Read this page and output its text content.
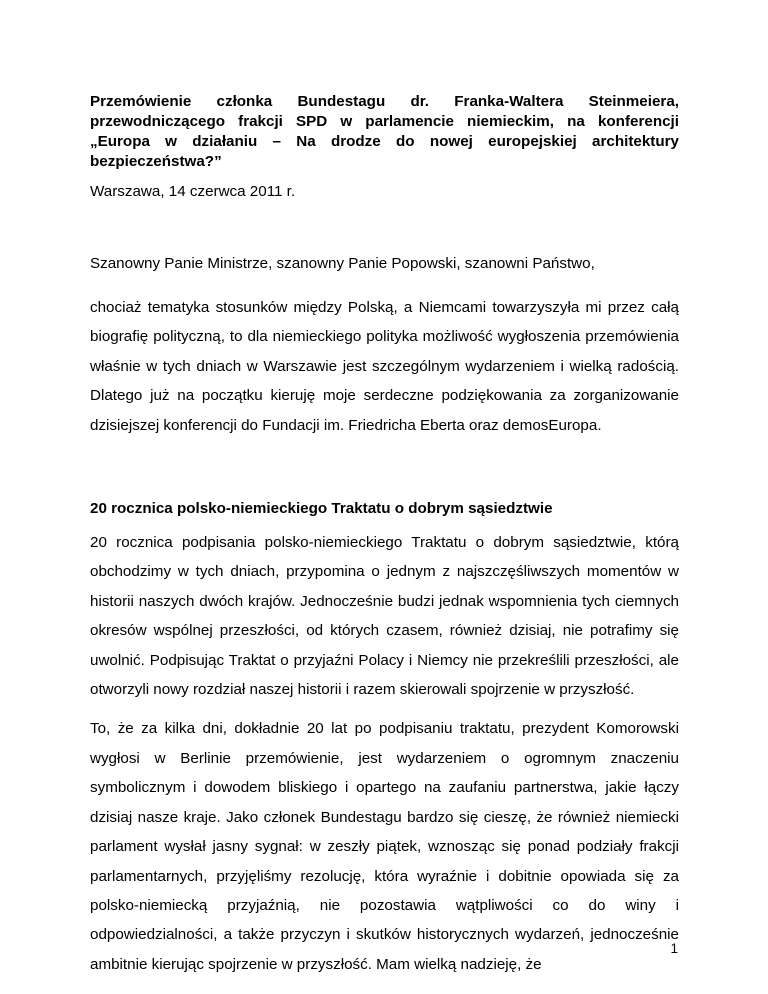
Przemówienie członka Bundestagu dr. Franka-Waltera Steinmeiera, przewodniczącego frakcji SPD w parlamencie niemieckim, na konferencji „Europa w działaniu – Na drodze do nowej europejskiej architektury bezpieczeństwa?”

Warszawa, 14 czerwca 2011 r.

Szanowny Panie Ministrze, szanowny Panie Popowski, szanowni Państwo,

chociaż tematyka stosunków między Polską, a Niemcami towarzyszyła mi przez całą biografię polityczną, to dla niemieckiego polityka możliwość wygłoszenia przemówienia właśnie w tych dniach w Warszawie jest szczególnym wydarzeniem i wielką radością. Dlatego już na początku kieruję moje serdeczne podziękowania za zorganizowanie dzisiejszej konferencji do Fundacji im. Friedricha Eberta oraz demosEuropa.

20 rocznica polsko-niemieckiego Traktatu o dobrym sąsiedztwie

20 rocznica podpisania polsko-niemieckiego Traktatu o dobrym sąsiedztwie, którą obchodzimy w tych dniach, przypomina o jednym z najszczęśliwszych momentów w historii naszych dwóch krajów. Jednocześnie budzi jednak wspomnienia tych ciemnych okresów wspólnej przeszłości, od których czasem, również dzisiaj, nie potrafimy się uwolnić. Podpisując Traktat o przyjaźni Polacy i Niemcy nie przekreślili przeszłości, ale otworzyli nowy rozdział naszej historii i razem skierowali spojrzenie w przyszłość.

To, że za kilka dni, dokładnie 20 lat po podpisaniu traktatu, prezydent Komorowski wygłosi w Berlinie przemówienie, jest wydarzeniem o ogromnym znaczeniu symbolicznym i dowodem bliskiego i opartego na zaufaniu partnerstwa, jakie łączy dzisiaj nasze kraje. Jako członek Bundestagu bardzo się cieszę, że również niemiecki parlament wysłał jasny sygnał: w zeszły piątek, wznosząc się ponad podziały frakcji parlamentarnych, przyjęliśmy rezolucję, która wyraźnie i dobitnie opowiada się za polsko-niemiecką przyjaźnią, nie pozostawia wątpliwości co do winy i odpowiedzialności, a także przyczyn i skutków historycznych wydarzeń, jednocześnie ambitnie kierując spojrzenie w przyszłość. Mam wielką nadzieję, że

1
